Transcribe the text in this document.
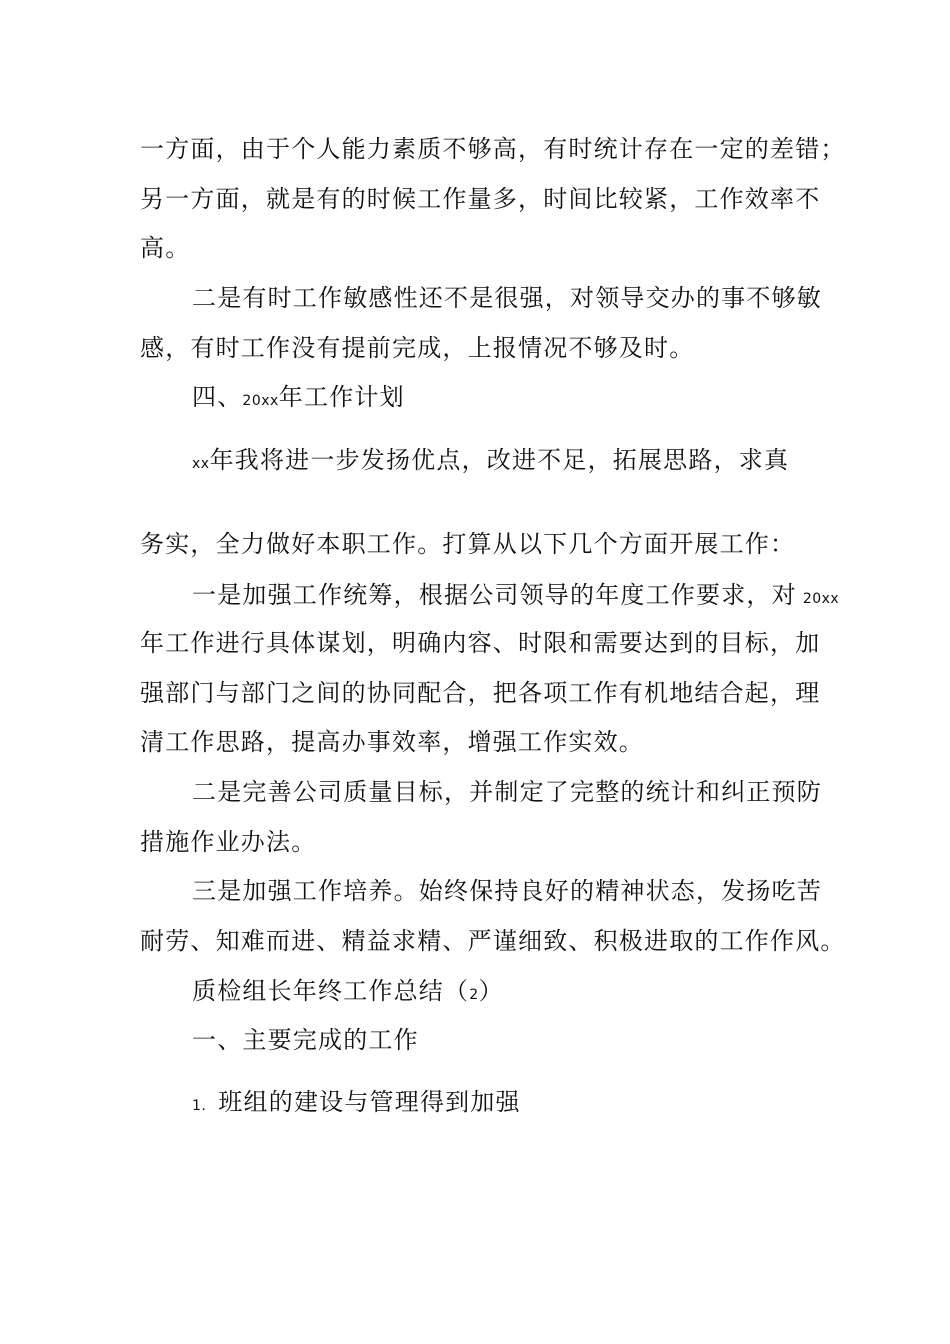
一方面，由于个人能力素质不够高，有时统计存在一定的差错；
另一方面，就是有的时候工作量多，时间比较紧，工作效率不
高。
二是有时工作敏感性还不是很强，对领导交办的事不够敏
感，有时工作没有提前完成，上报情况不够及时。
四、20xx年工作计划
xx年我将进一步发扬优点，改进不足，拓展思路，求真
务实，全力做好本职工作。打算从以下几个方面开展工作：
一是加强工作统筹，根据公司领导的年度工作要求，对 20xx
年工作进行具体谋划，明确内容、时限和需要达到的目标，加
强部门与部门之间的协同配合，把各项工作有机地结合起，理
清工作思路，提高办事效率，增强工作实效。
二是完善公司质量目标，并制定了完整的统计和纠正预防
措施作业办法。
三是加强工作培养。始终保持良好的精神状态，发扬吃苦
耐劳、知难而进、精益求精、严谨细致、积极进取的工作作风。
质检组长年终工作总结（2）
一、主要完成的工作
1. 班组的建设与管理得到加强
